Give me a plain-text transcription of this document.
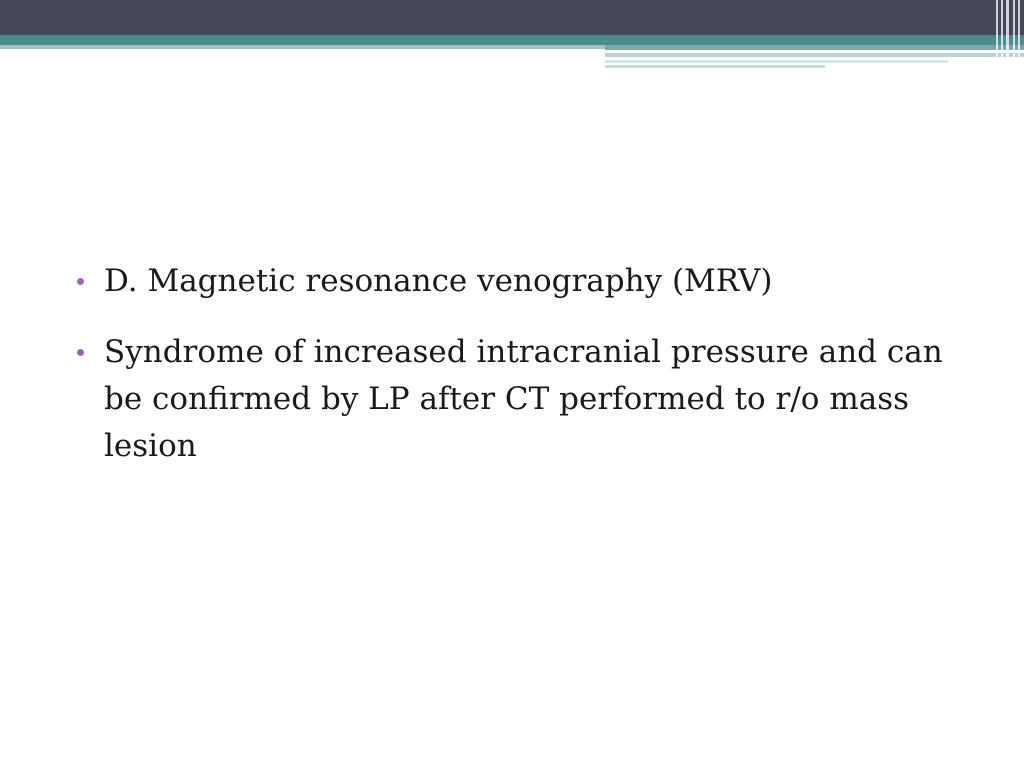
D. Magnetic resonance venography (MRV)
Syndrome of increased intracranial pressure and can be confirmed by LP after CT performed to r/o mass lesion
